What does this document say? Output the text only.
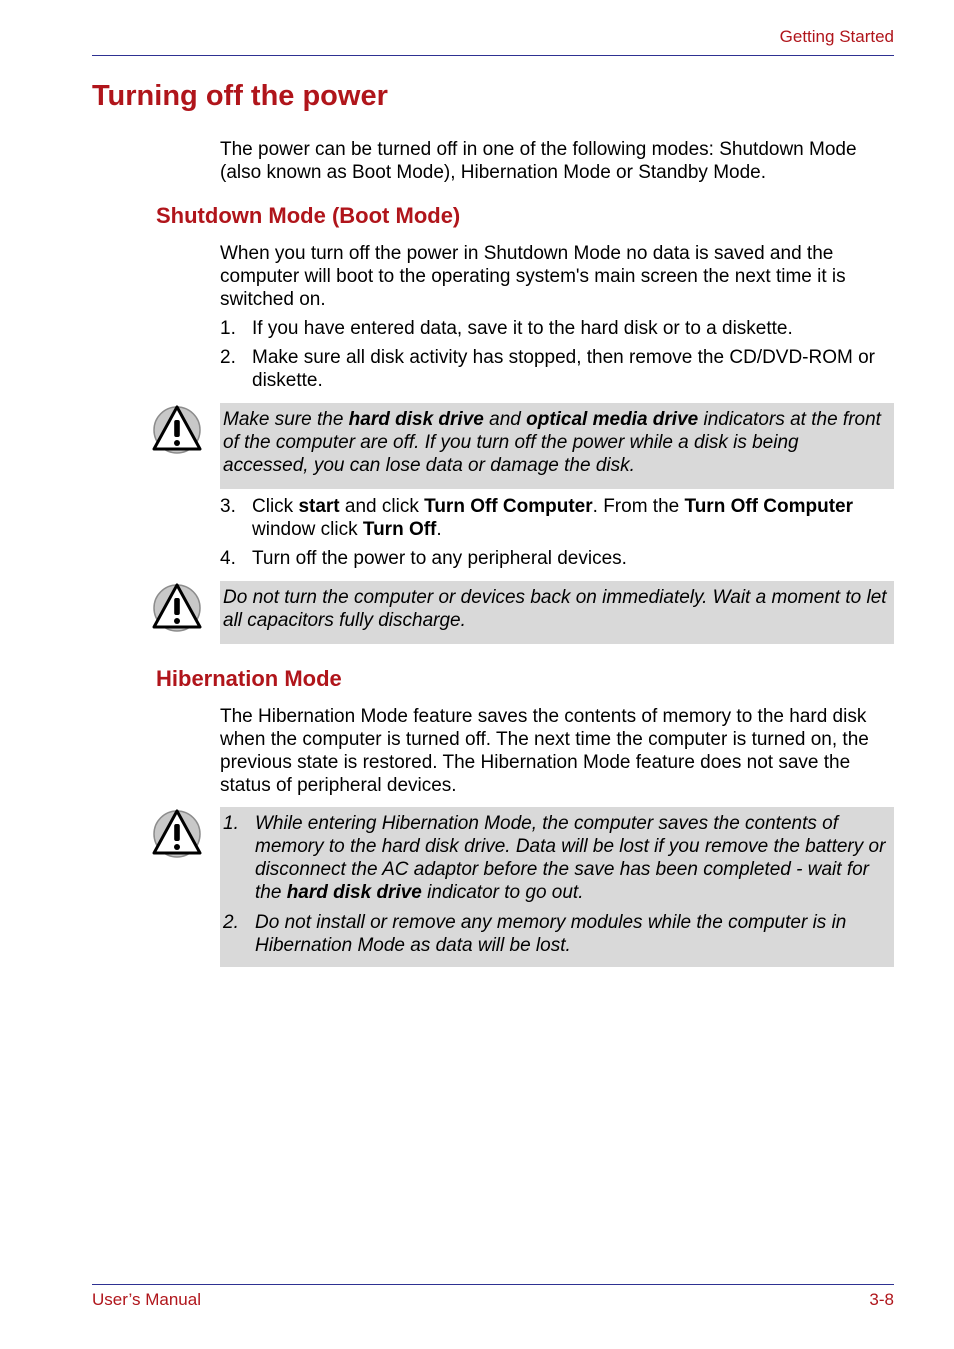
Getting Started
Turning off the power

The power can be turned off in one of the following modes: Shutdown Mode (also known as Boot Mode), Hibernation Mode or Standby Mode.

Shutdown Mode (Boot Mode)

When you turn off the power in Shutdown Mode no data is saved and the computer will boot to the operating system's main screen the next time it is switched on.

1. If you have entered data, save it to the hard disk or to a diskette.
2. Make sure all disk activity has stopped, then remove the CD/DVD-ROM or diskette.
Make sure the hard disk drive and optical media drive indicators at the front of the computer are off. If you turn off the power while a disk is being accessed, you can lose data or damage the disk.
3. Click start and click Turn Off Computer. From the Turn Off Computer window click Turn Off.
4. Turn off the power to any peripheral devices.
Do not turn the computer or devices back on immediately. Wait a moment to let all capacitors fully discharge.
Hibernation Mode

The Hibernation Mode feature saves the contents of memory to the hard disk when the computer is turned off. The next time the computer is turned on, the previous state is restored. The Hibernation Mode feature does not save the status of peripheral devices.

1. While entering Hibernation Mode, the computer saves the contents of memory to the hard disk drive. Data will be lost if you remove the battery or disconnect the AC adaptor before the save has been completed - wait for the hard disk drive indicator to go out.
2. Do not install or remove any memory modules while the computer is in Hibernation Mode as data will be lost.
User’s Manual	3-8
